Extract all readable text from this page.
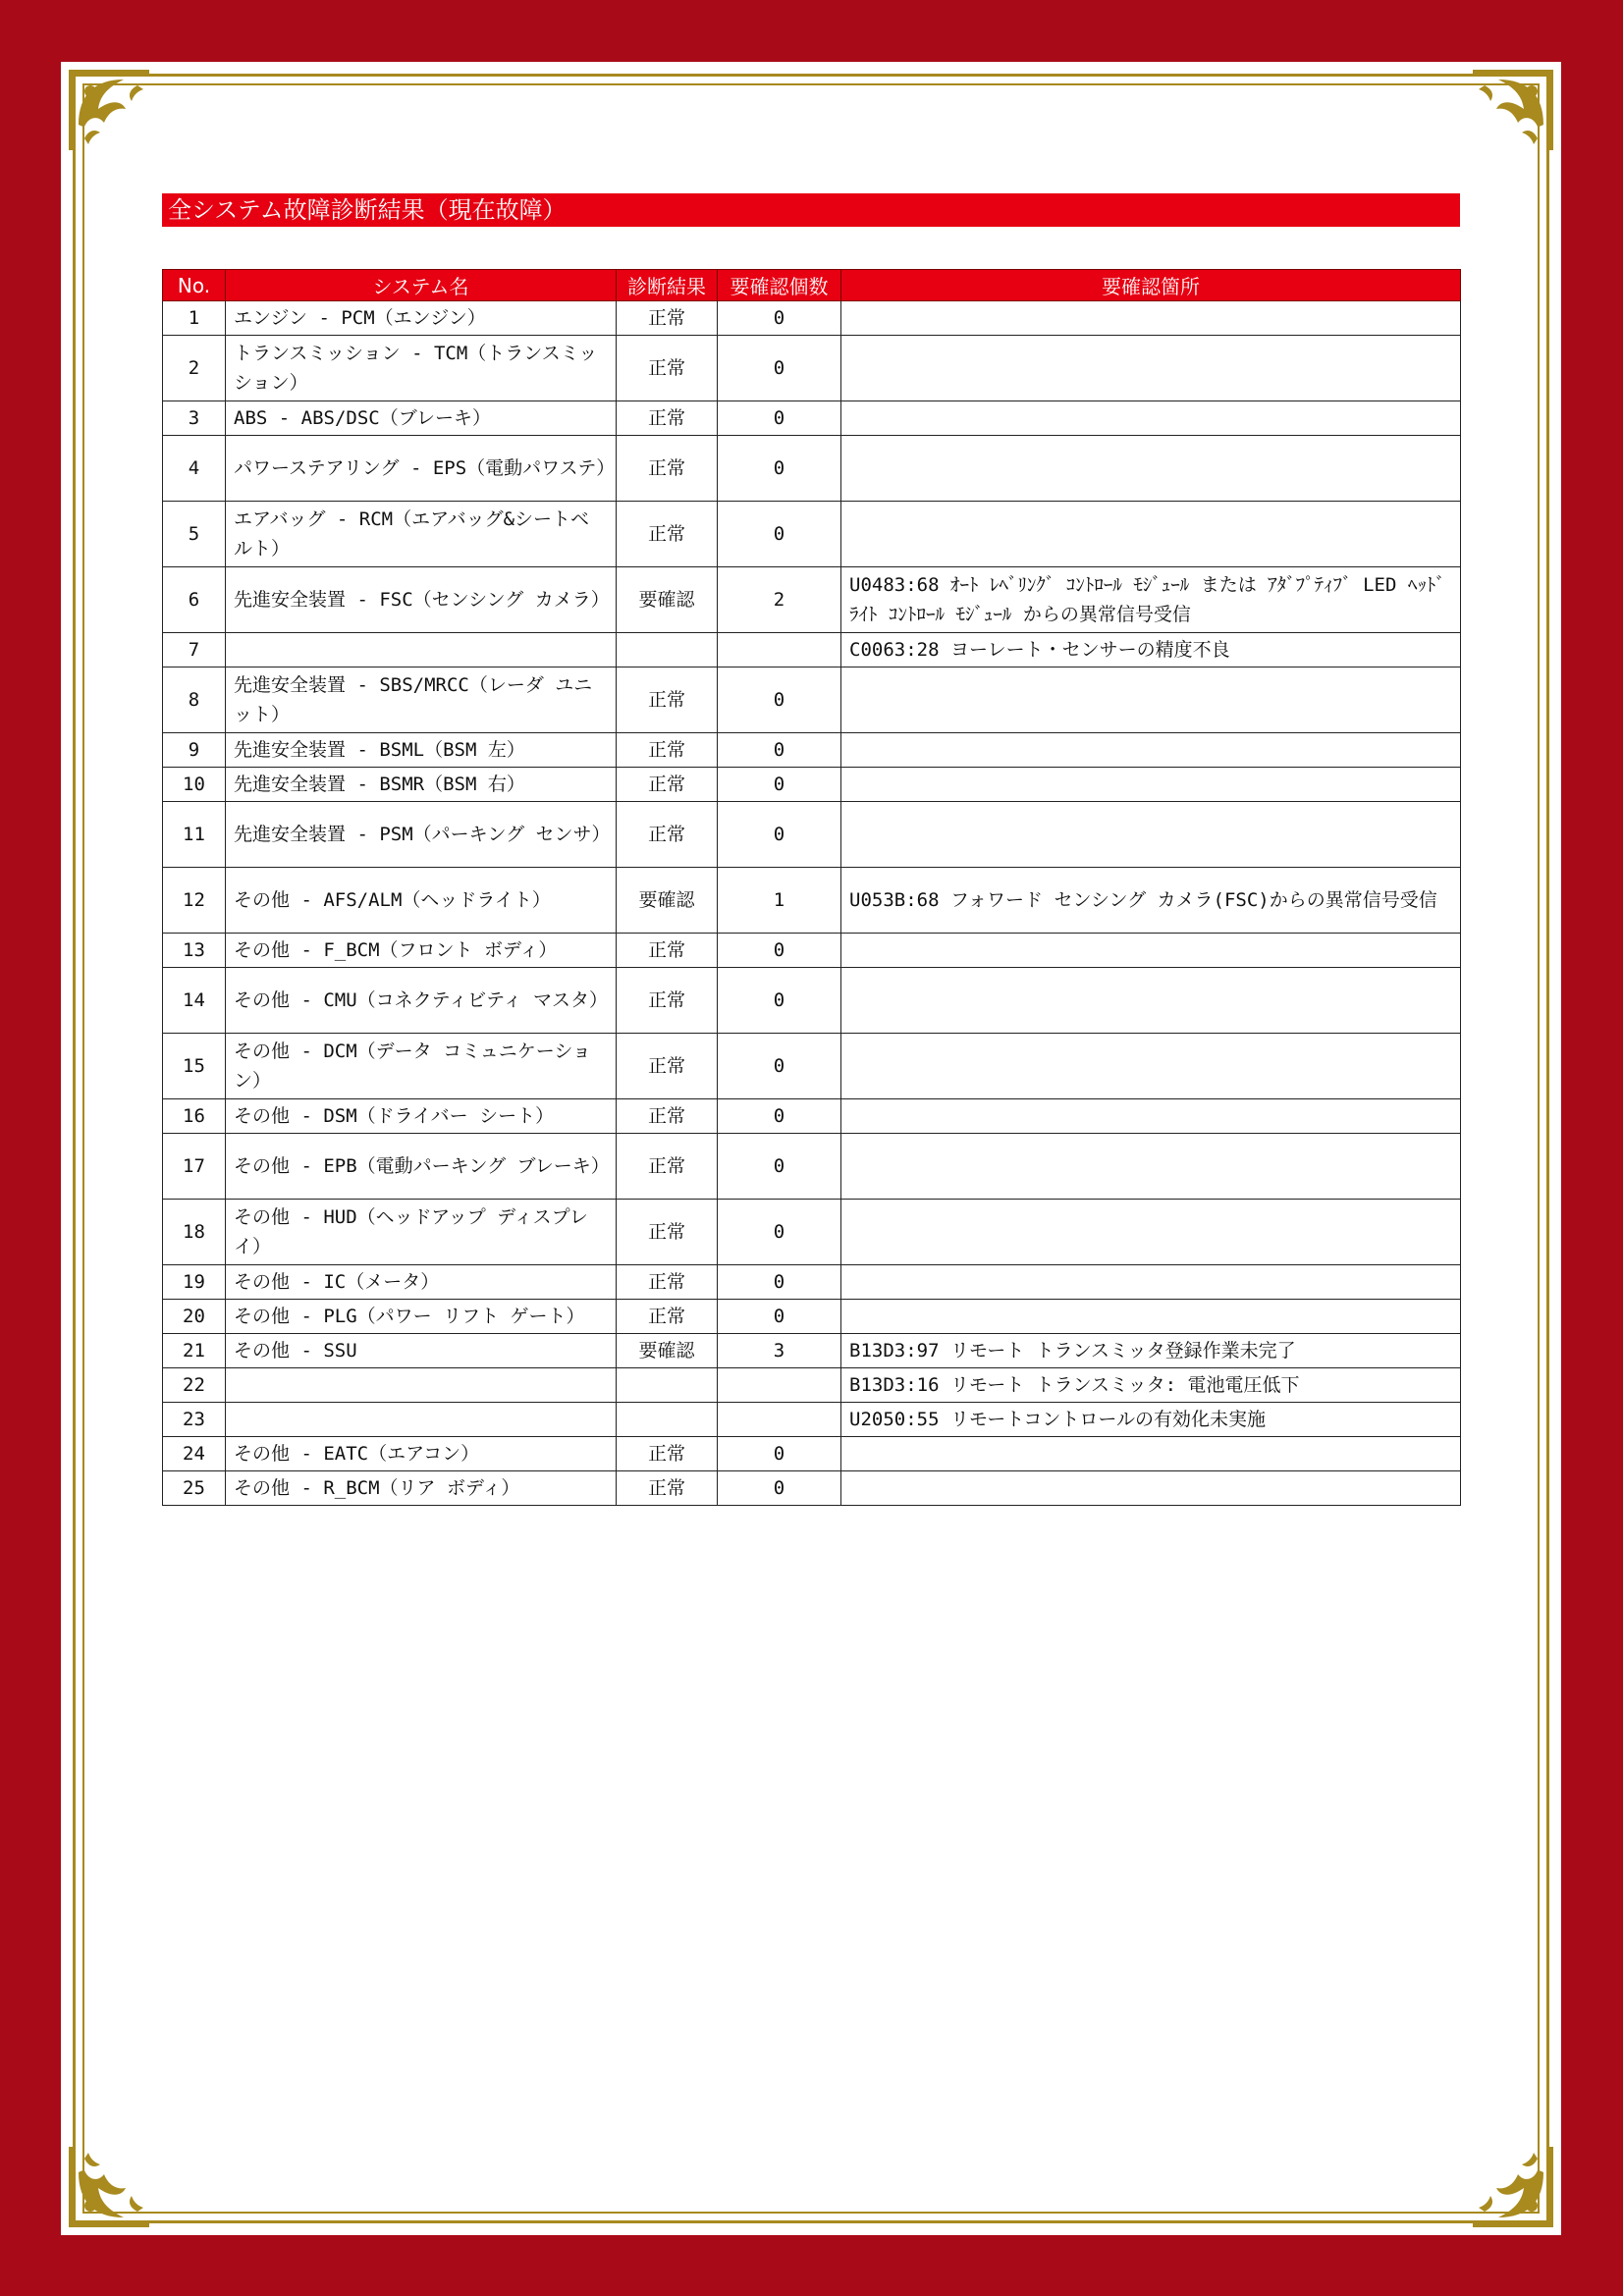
全システム故障診断結果（現在故障）
No.	システム名	診断結果	要確認個数	要確認箇所
1	エンジン - PCM（エンジン）	正常	0	
2	トランスミッション - TCM（トランスミッション）	正常	0	
3	ABS - ABS/DSC（ブレーキ）	正常	0	
4	パワーステアリング - EPS（電動パワステ）	正常	0	
5	エアバッグ - RCM（エアバッグ&シートベルト）	正常	0	
6	先進安全装置 - FSC（センシング カメラ）	要確認	2	U0483:68 ｵｰﾄ ﾚﾍﾞﾘﾝｸﾞ ｺﾝﾄﾛｰﾙ ﾓｼﾞｭｰﾙ または ｱﾀﾞﾌﾟﾃｨﾌﾞ LED ﾍｯﾄﾞﾗｲﾄ ｺﾝﾄﾛｰﾙ ﾓｼﾞｭｰﾙ からの異常信号受信
7				C0063:28 ヨーレート・センサーの精度不良
8	先進安全装置 - SBS/MRCC（レーダ ユニット）	正常	0	
9	先進安全装置 - BSML（BSM 左）	正常	0	
10	先進安全装置 - BSMR（BSM 右）	正常	0	
11	先進安全装置 - PSM（パーキング センサ）	正常	0	
12	その他 - AFS/ALM（ヘッドライト）	要確認	1	U053B:68 フォワード センシング カメラ(FSC)からの異常信号受信
13	その他 - F_BCM（フロント ボディ）	正常	0	
14	その他 - CMU（コネクティビティ マスタ）	正常	0	
15	その他 - DCM（データ コミュニケーション）	正常	0	
16	その他 - DSM（ドライバー シート）	正常	0	
17	その他 - EPB（電動パーキング ブレーキ）	正常	0	
18	その他 - HUD（ヘッドアップ ディスプレイ）	正常	0	
19	その他 - IC（メータ）	正常	0	
20	その他 - PLG（パワー リフト ゲート）	正常	0	
21	その他 - SSU	要確認	3	B13D3:97 リモート トランスミッタ登録作業未完了
22				B13D3:16 リモート トランスミッタ: 電池電圧低下
23				U2050:55 リモートコントロールの有効化未実施
24	その他 - EATC（エアコン）	正常	0	
25	その他 - R_BCM（リア ボディ）	正常	0	
